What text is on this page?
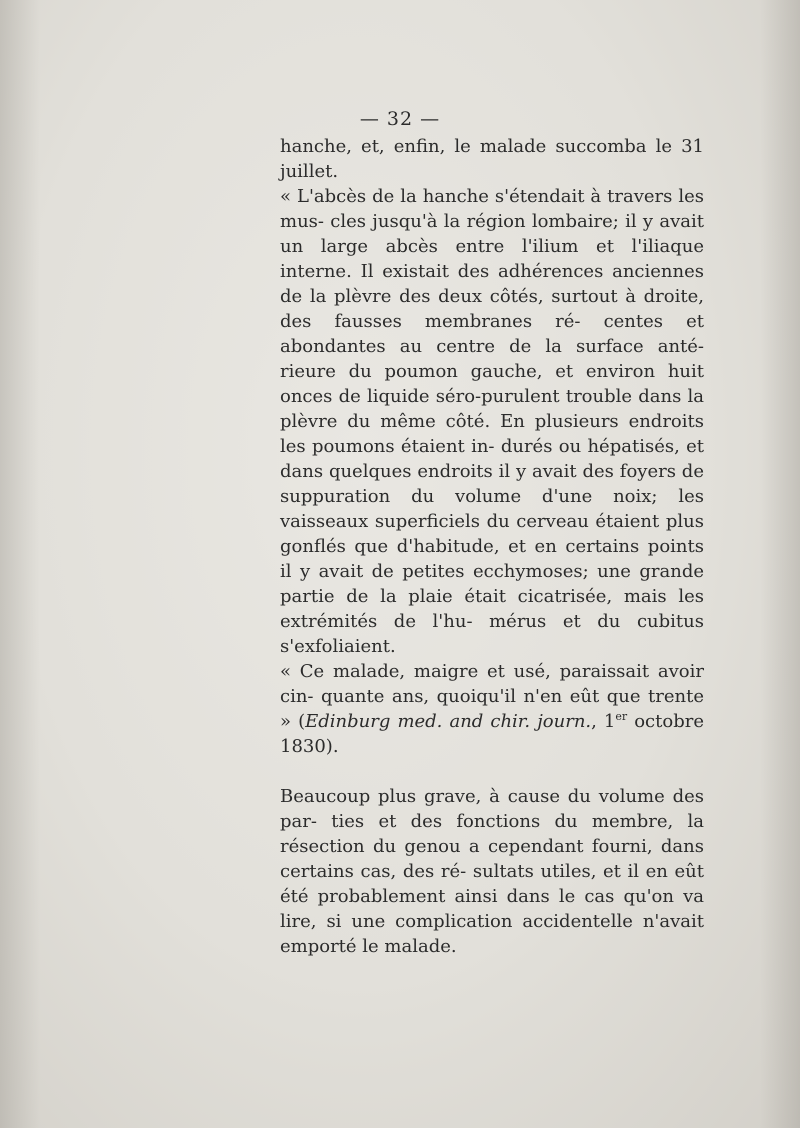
— 32 —

hanche, et, enfin, le malade succomba le 31 juillet.

« L'abcès de la hanche s'étendait à travers les mus- cles jusqu'à la région lombaire; il y avait un large abcès entre l'ilium et l'iliaque interne. Il existait des adhérences anciennes de la plèvre des deux côtés, surtout à droite, des fausses membranes ré- centes et abondantes au centre de la surface anté- rieure du poumon gauche, et environ huit onces de liquide séro-purulent trouble dans la plèvre du même côté. En plusieurs endroits les poumons étaient in- durés ou hépatisés, et dans quelques endroits il y avait des foyers de suppuration du volume d'une noix; les vaisseaux superficiels du cerveau étaient plus gonflés que d'habitude, et en certains points il y avait de petites ecchymoses; une grande partie de la plaie était cicatrisée, mais les extrémités de l'hu- mérus et du cubitus s'exfoliaient.

« Ce malade, maigre et usé, paraissait avoir cin- quante ans, quoiqu'il n'en eût que trente » (Edinburg med. and chir. journ., 1er octobre 1830).

Beaucoup plus grave, à cause du volume des par- ties et des fonctions du membre, la résection du genou a cependant fourni, dans certains cas, des ré- sultats utiles, et il en eût été probablement ainsi dans le cas qu'on va lire, si une complication accidentelle n'avait emporté le malade.
